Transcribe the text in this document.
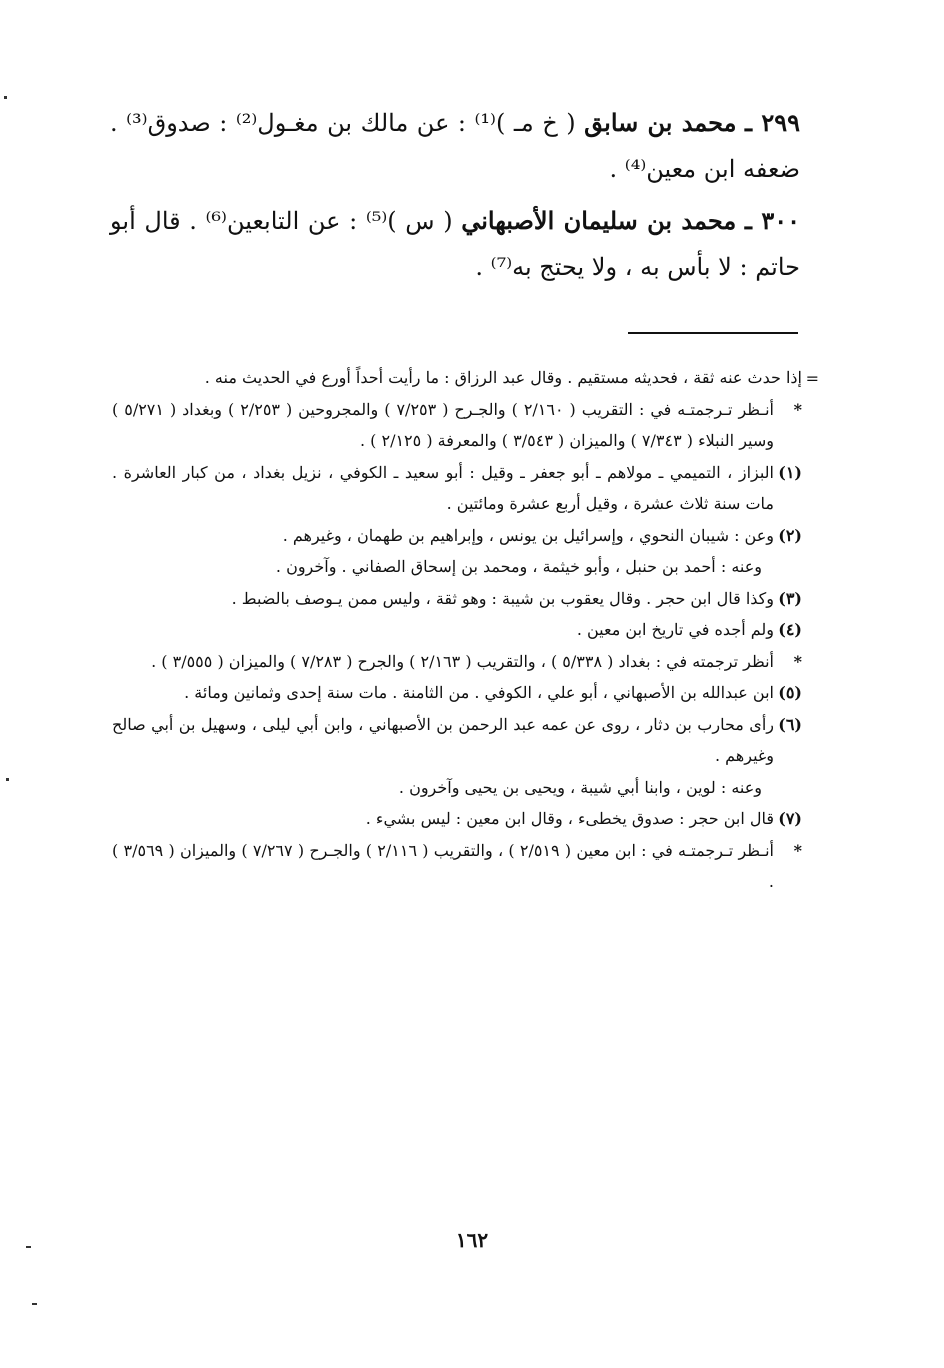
٢٩٩ ـ محمد بن سابق ( خ مـ )⁽¹⁾ : عن مالك بن مغـول⁽²⁾ : صدوق⁽³⁾ . ضعفه ابن معين⁽⁴⁾ .

٣٠٠ ـ محمد بن سليمان الأصبهاني ( س )⁽⁵⁾ : عن التابعين⁽⁶⁾ . قال أبو حاتم : لا بأس به ، ولا يحتج به⁽⁷⁾ .

=

إذا حدث عنه ثقة ، فحديثه مستقيم . وقال عبد الرزاق : ما رأيت أحداً أورع في الحديث منه .

*
أنـظر تـرجمتـه في : التقريب ( ٢/١٦٠ ) والجـرح ( ٧/٢٥٣ ) والمجروحين ( ٢/٢٥٣ ) وبغداد ( ٥/٢٧١ ) وسير النبلاء ( ٧/٣٤٣ ) والميزان ( ٣/٥٤٣ ) والمعرفة ( ٢/١٢٥ ) .

(١)
البزاز ، التميمي ـ مولاهم ـ أبو جعفر ـ وقيل : أبو سعيد ـ الكوفي ، نزيل بغداد ، من كبار العاشرة . مات سنة ثلاث عشرة ، وقيل أربع عشرة ومائتين .

(٢)
وعن : شيبان النحوي ، وإسرائيل بن يونس ، وإبراهيم بن طهمان ، وغيرهم .

وعنه : أحمد بن حنبل ، وأبو خيثمة ، ومحمد بن إسحاق الصفاني . وآخرون .

(٣)
وكذا قال ابن حجر . وقال يعقوب بن شيبة : وهو ثقة ، وليس ممن يـوصف بالضبط .

(٤)
ولم أجده في تاريخ ابن معين .

*
أنظر ترجمته في : بغداد ( ٥/٣٣٨ ) ، والتقريب ( ٢/١٦٣ ) والجرح ( ٧/٢٨٣ ) والميزان ( ٣/٥٥٥ ) .

(٥)
ابن عبدالله بن الأصبهاني ، أبو علي ، الكوفي . من الثامنة . مات سنة إحدى وثمانين ومائة .

(٦)
رأى محارب بن دثار ، روى عن عمه عبد الرحمن بن الأصبهاني ، وابن أبي ليلى ، وسهيل بن أبي صالح وغيرهم .

وعنه : لوين ، وابنا أبي شيبة ، ويحيى بن يحيى وآخرون .

(٧)
قال ابن حجر : صدوق يخطىء ، وقال ابن معين : ليس بشيء .

*
أنـظر تـرجمتـه في : ابن معين ( ٢/٥١٩ ) ، والتقريب ( ٢/١١٦ ) والجـرح ( ٧/٢٦٧ ) والميزان ( ٣/٥٦٩ ) .

١٦٢
